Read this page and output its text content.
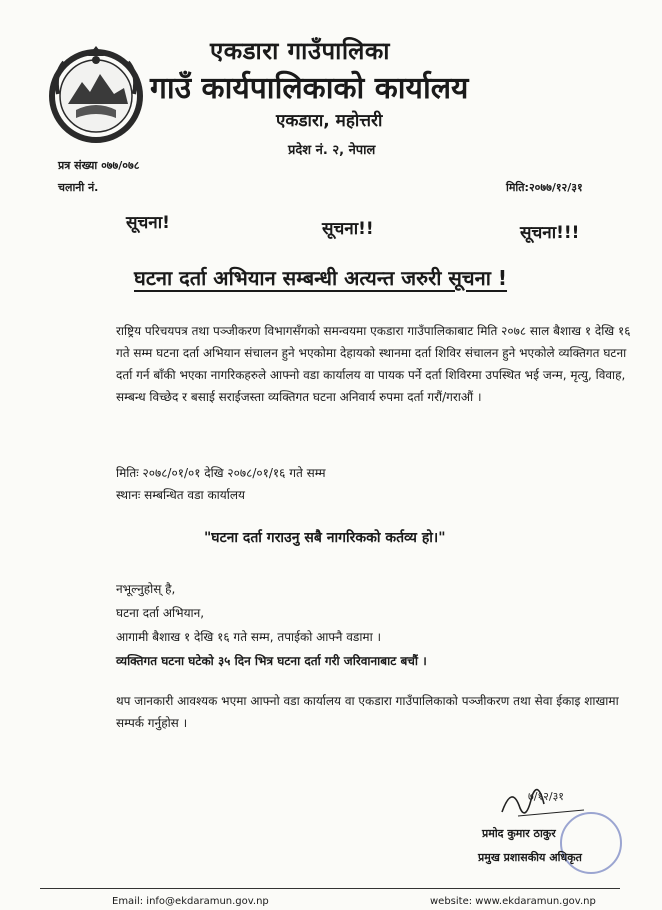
एकडारा गाउँपालिका
गाउँ कार्यपालिकाको कार्यालय
एकडारा, महोत्तरी
प्रदेश नं. २, नेपाल
प्रत्र संख्या ०७७/०७८
चलानी नं.	मिति:२०७७/१२/३१
सूचना!	सूचना!!	सूचना!!!
घटना दर्ता अभियान सम्बन्धी अत्यन्त जरुरी सूचना !

राष्ट्रिय परिचयपत्र तथा पञ्जीकरण विभागसँगको समन्वयमा एकडारा गाउँपालिकाबाट मिति २०७८ साल बैशाख १ देखि १६ गते सम्म घटना दर्ता अभियान संचालन हुने भएकोमा देहायको स्थानमा दर्ता शिविर संचालन हुने भएकोले व्यक्तिगत घटना दर्ता गर्न बाँकी भएका नागरिकहरुले आफ्नो वडा कार्यालय वा पायक पर्ने दर्ता शिविरमा उपस्थित भई जन्म, मृत्यु, विवाह, सम्बन्ध विच्छेद र बसाई सराईजस्ता व्यक्तिगत घटना अनिवार्य रुपमा दर्ता गरौं/गराऔं ।

मितिः २०७८/०१/०१ देखि २०७८/०१/१६ गते सम्म
स्थानः सम्बन्धित वडा कार्यालय
"घटना दर्ता गराउनु सबै नागरिकको कर्तव्य हो।"
नभूल्नुहोस् है,
घटना दर्ता अभियान,
आगामी बैशाख १ देखि १६ गते सम्म, तपाईको आफ्नै वडामा ।
व्यक्तिगत घटना घटेको ३५ दिन भित्र घटना दर्ता गरी जरिवानाबाट बचौं ।

थप जानकारी आवश्यक भएमा आफ्नो वडा कार्यालय वा एकडारा गाउँपालिकाको पञ्जीकरण तथा सेवा ईकाइ शाखामा सम्पर्क गर्नुहोस ।

७/१२/३१
प्रमोद कुमार ठाकुर
प्रमुख प्रशासकीय अधिकृत
Email: info@ekdaramun.gov.np	website: www.ekdaramun.gov.np
